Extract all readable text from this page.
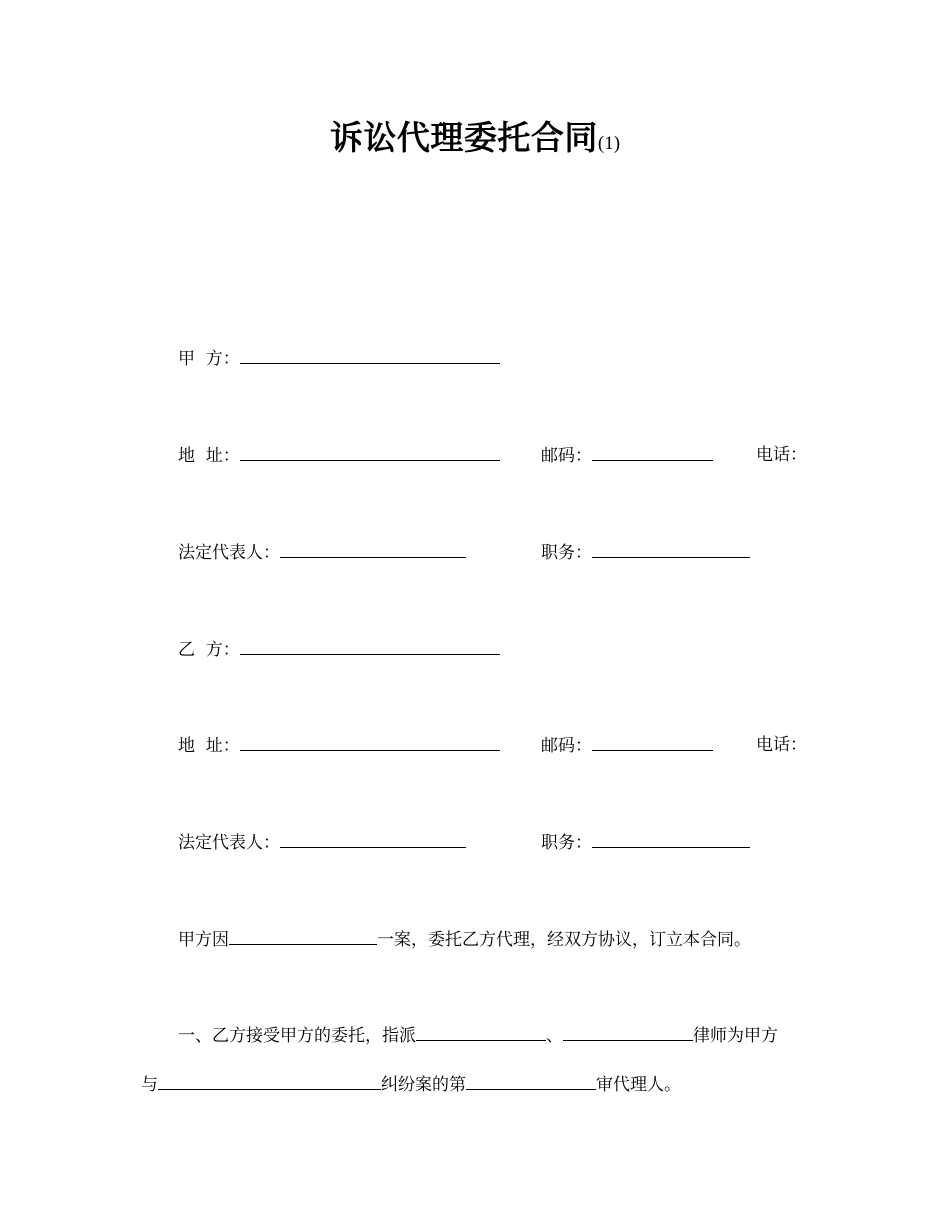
诉讼代理委托合同(1)
甲  方：
地  址：	邮码：	电话：
法定代表人：	职务：
乙  方：
地  址：	邮码：	电话：
法定代表人：	职务：
甲方因	一案，委托乙方代理，经双方协议，订立本合同。
一、乙方接受甲方的委托，指派	、	律师为甲方
与	纠纷案的第	审代理人。
